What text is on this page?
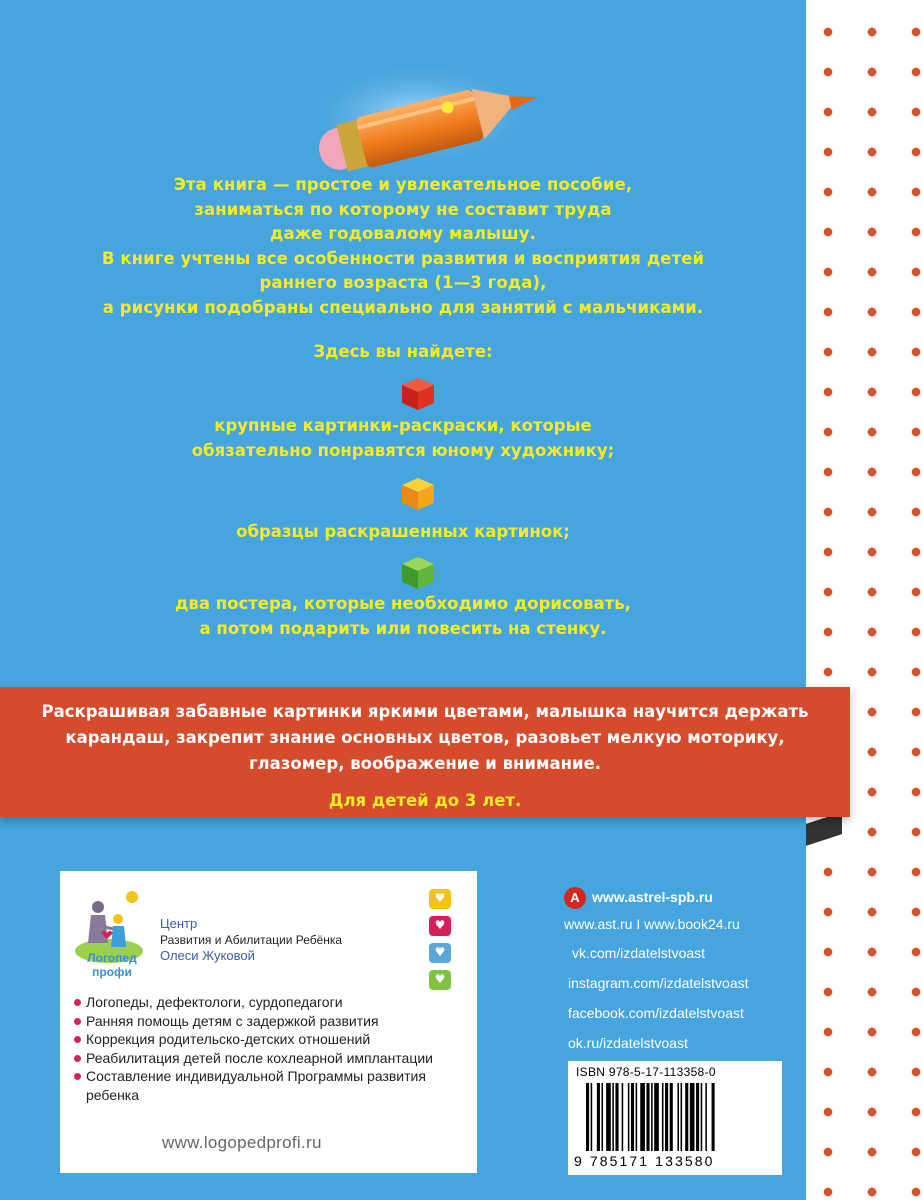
Эта книга — простое и увлекательное пособие,
заниматься по которому не составит труда
даже годовалому малышу.
В книге учтены все особенности развития и восприятия детей
раннего возраста (1—3 года),
а рисунки подобраны специально для занятий с мальчиками.
Здесь вы найдете:
крупные картинки-раскраски, которые
обязательно понравятся юному художнику;
образцы раскрашенных картинок;
два постера, которые необходимо дорисовать,
а потом подарить или повесить на стенку.
Логопед
профи
Центр
Развития и Абилитации Ребёнка
Олеси Жуковой
♥
♥
♥
♥
Логопеды, дефектологи, сурдопедагоги
Ранняя помощь детям с задержкой развития
Коррекция родительско-детских отношений
Реабилитация детей после кохлеарной имплантации
Составление индивидуальной Программы развития ребенка
www.logopedprofi.ru
А www.astrel-spb.ru
www.ast.ru I www.book24.ru
vk.com/izdatelstvoast
instagram.com/izdatelstvoast
facebook.com/izdatelstvoast
ok.ru/izdatelstvoast
ISBN 978-5-17-113358-0
9 785171 133580
Раскрашивая забавные картинки яркими цветами, малышка научится держать
карандаш, закрепит знание основных цветов, разовьет мелкую моторику,
глазомер, воображение и внимание.
Для детей до 3 лет.
